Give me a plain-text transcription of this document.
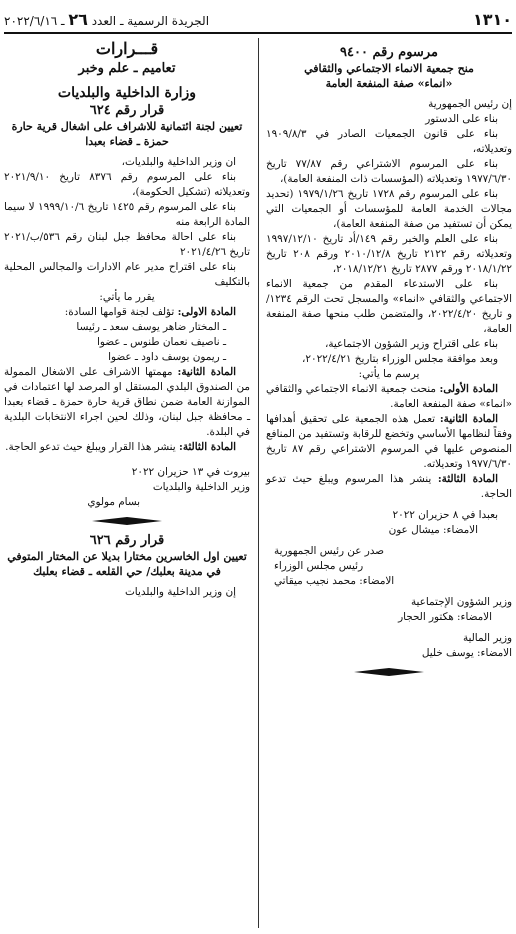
الجريدة الرسمية ـ العدد ٢٦ ـ ٢٠٢٢/٦/١٦	١٣١٠
مرسوم رقم ٩٤٠٠
منح جمعية الانماء الاجتماعي والثقافي
«انماء» صفة المنفعة العامة

إن رئيس الجمهورية

بناء على الدستور

بناء على قانون الجمعيات الصادر في ١٩٠٩/٨/٣ وتعديلاته،

بناء على المرسوم الاشتراعي رقم ٧٧/٨٧ تاريخ ١٩٧٧/٦/٣٠ وتعديلاته (المؤسسات ذات المنفعة العامة)،

بناء على المرسوم رقم ١٧٢٨ تاريخ ١٩٧٩/١/٢٦ (تحديد مجالات الخدمة العامة للمؤسسات أو الجمعيات التي يمكن أن تستفيد من صفة المنفعة العامة)،

بناء على العلم والخبر رقم ١٤٩/أد تاريخ ١٩٩٧/١٢/١٠ وتعديلاته رقم ٢١٢٢ تاريخ ٢٠١٠/١٢/٨ ورقم ٢٠٨ تاريخ ٢٠١٨/١/٢٢ ورقم ٢٨٧٧ تاريخ ٢٠١٨/١٢/٢١،

بناء على الاستدعاء المقدم من جمعية الانماء الاجتماعي والثقافي «انماء» والمسجل تحت الرقم ١٢٣٤/و تاريخ ٢٠٢٢/٤/٢٠، والمتضمن طلب منحها صفة المنفعة العامة،

بناء على اقتراح وزير الشؤون الاجتماعية،

وبعد موافقة مجلس الوزراء بتاريخ ٢٠٢٢/٤/٢١،

يرسم ما يأتي:

المادة الأولى: منحت جمعية الانماء الاجتماعي والثقافي «انماء» صفة المنفعة العامة.

المادة الثانية: تعمل هذه الجمعية على تحقيق أهدافها وفقاً لنظامها الأساسي وتخضع للرقابة وتستفيد من المنافع المنصوص عليها في المرسوم الاشتراعي رقم ٨٧ تاريخ ١٩٧٧/٦/٣٠ وتعديلاته.

المادة الثالثة: ينشر هذا المرسوم ويبلغ حيث تدعو الحاجة.

بعبدا في ٨ حزيران ٢٠٢٢

الامضاء: ميشال عون

صدر عن رئيس الجمهورية

رئيس مجلس الوزراء

الامضاء: محمد نجيب ميقاتي

وزير الشؤون الإجتماعية

الامضاء: هكتور الحجار

وزير المالية

الامضاء: يوسف خليل

قـــرارات
تعاميم ـ علم وخبر
وزارة الداخلية والبلديات
قرار رقم ٦٢٤
تعيين لجنة ائتمانية للاشراف على اشغال قرية حارة حمزة ـ قضاء بعبدا

ان وزير الداخلية والبلديات،

بناء على المرسوم رقم ٨٣٧٦ تاريخ ٢٠٢١/٩/١٠ وتعديلاته (تشكيل الحكومة)،

بناء على المرسوم رقم ١٤٢٥ تاريخ ١٩٩٩/١٠/٦ لا سيما المادة الرابعة منه

بناء على احالة محافظ جبل لبنان رقم ٥٣٦/ب/٢٠٢١ تاريخ ٢٠٢١/٤/٢٦

بناء على اقتراح مدير عام الادارات والمجالس المحلية بالتكليف

يقرر ما يأتي:

المادة الاولى: تؤلف لجنة قوامها السادة:

ـ المختار ضاهر يوسف سعد ـ رئيسا

ـ ناصيف نعمان طنوس ـ عضوا

ـ ريمون يوسف داود ـ عضوا

المادة الثانية: مهمتها الاشراف على الاشغال الممولة من الصندوق البلدي المستقل او المرصد لها اعتمادات في الموازنة العامة ضمن نطاق قرية حارة حمزة ـ قضاء بعبدا ـ محافظة جبل لبنان، وذلك لحين اجراء الانتخابات البلدية في البلدة.

المادة الثالثة: ينشر هذا القرار ويبلغ حيث تدعو الحاجة.

بيروت في ١٣ حزيران ٢٠٢٢

وزير الداخلية والبلديات

بسام مولوي

قرار رقم ٦٢٦
تعيين اول الخاسرين مختارا بديلا عن المختار المتوفي في مدينة بعلبك/ حي القلعه ـ قضاء بعلبك

إن وزير الداخلية والبلديات
